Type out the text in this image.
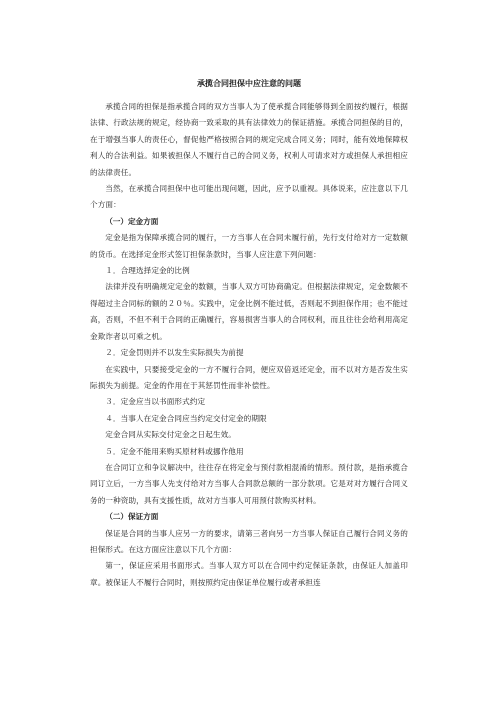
承揽合同担保中应注意的问题

承揽合同的担保是指承揽合同的双方当事人为了使承揽合同能够得到全面按约履行，根据法律、行政法规的规定，经协商一致采取的具有法律效力的保证措施。承揽合同担保的目的，在于增强当事人的责任心，督促他严格按照合同的规定完成合同义务；同时，能有效地保障权利人的合法利益。如果被担保人不履行自己的合同义务，权利人可请求对方或担保人承担相应的法律责任。

当然，在承揽合同担保中也可能出现问题，因此，应予以重视。具体说来，应注意以下几个方面：

（一）定金方面

定金是指为保障承揽合同的履行，一方当事人在合同未履行前，先行支付给对方一定数额的货币。在选择定金形式签订担保条款时，当事人应注意下列问题：

１．合理选择定金的比例

法律并没有明确规定定金的数额，当事人双方可协商确定。但根据法律规定，定金数额不得超过主合同标的额的２０％。实践中，定金比例不能过低，否则起不到担保作用；也不能过高，否则，不但不利于合同的正确履行，容易损害当事人的合同权利，而且往往会给利用高定金欺诈者以可乘之机。

２．定金罚则并不以发生实际损失为前提

在实践中，只要接受定金的一方不履行合同，便应双倍返还定金，而不以对方是否发生实际损失为前提。定金的作用在于其惩罚性而非补偿性。

３．定金应当以书面形式约定

４．当事人在定金合同应当约定交付定金的期限

定金合同从实际交付定金之日起生效。

５．定金不能用来购买原材料或挪作他用

在合同订立和争议解决中，往往存在将定金与预付款相混淆的情形。预付款，是指承揽合同订立后，一方当事人先支付给对方当事人合同款总额的一部分款项。它是对对方履行合同义务的一种资助，具有支援性质，故对方当事人可用预付款购买材料。

（二）保证方面

保证是合同的当事人应另一方的要求，请第三者向另一方当事人保证自己履行合同义务的担保形式。在这方面应注意以下几个方面：

第一，保证应采用书面形式。当事人双方可以在合同中约定保证条款，由保证人加盖印章。被保证人不履行合同时，则按照约定由保证单位履行或者承担连
